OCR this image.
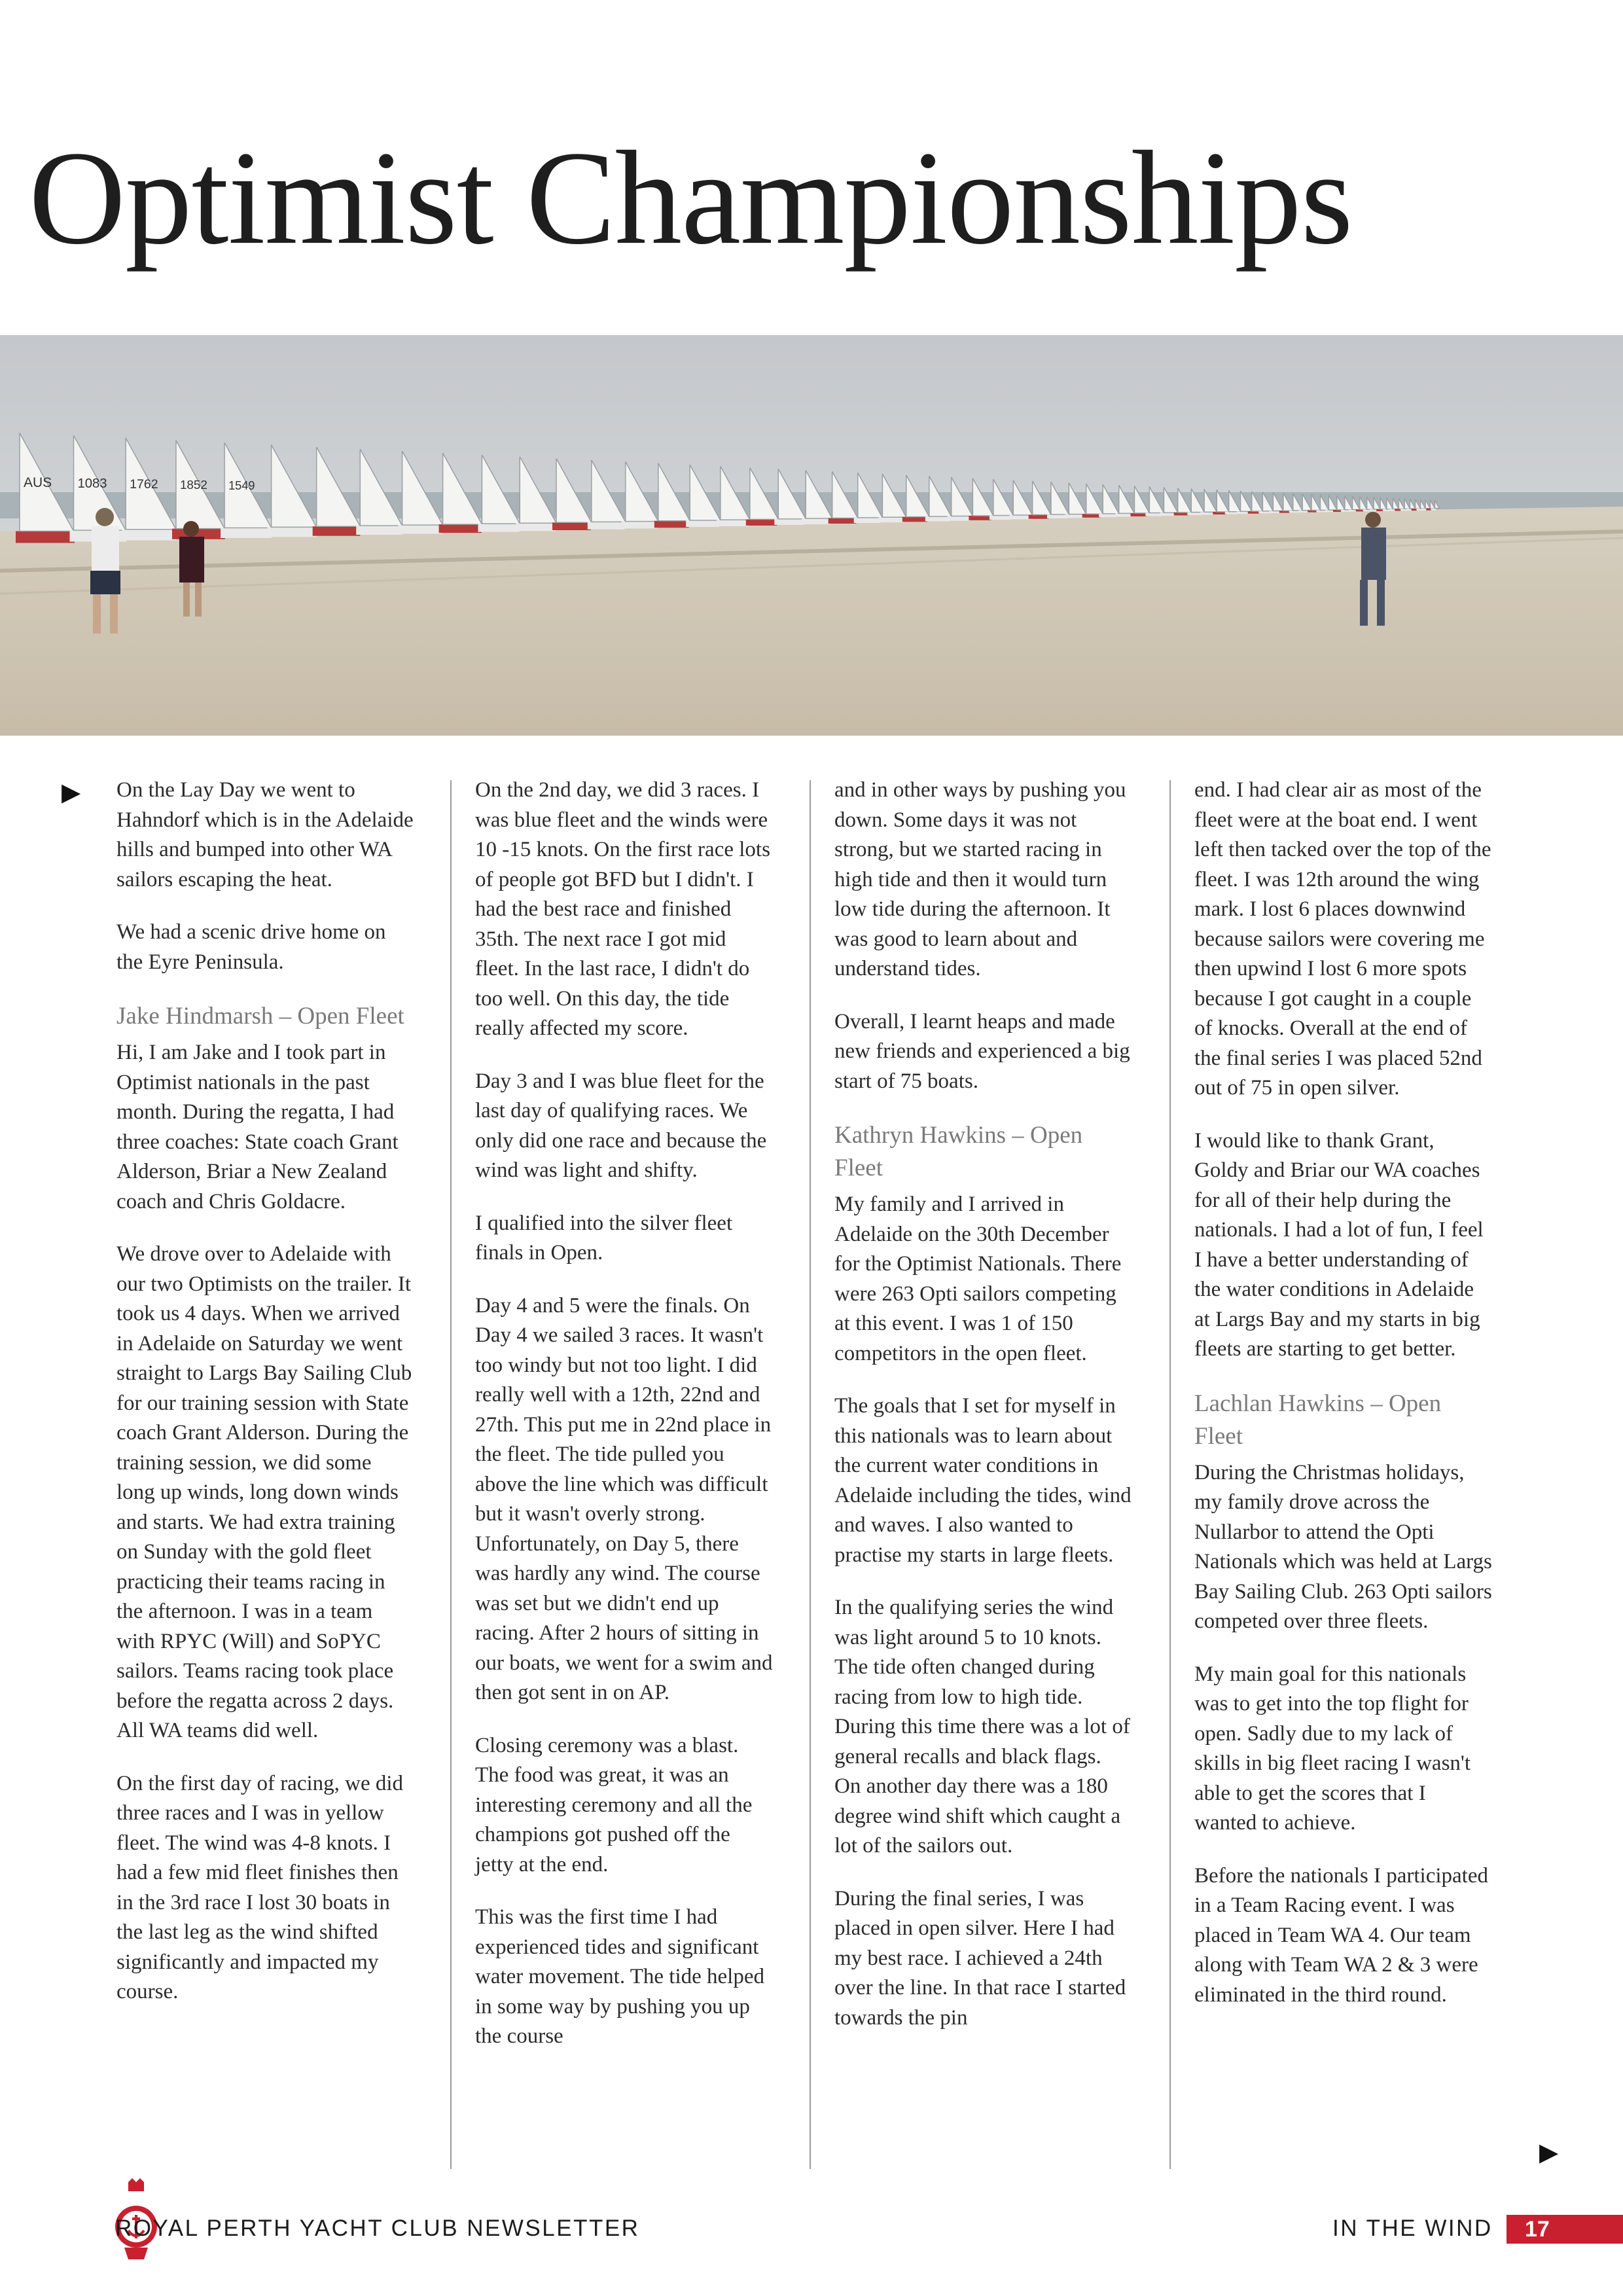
Optimist Championships
AUS 1083 1762 1852 1549
▶ On the Lay Day we went to Hahndorf which is in the Adelaide hills and bumped into other WA sailors escaping the heat.

We had a scenic drive home on the Eyre Peninsula.

Jake Hindmarsh – Open Fleet

Hi, I am Jake and I took part in Optimist nationals in the past month. During the regatta, I had three coaches: State coach Grant Alderson, Briar a New Zealand coach and Chris Goldacre.

We drove over to Adelaide with our two Optimists on the trailer. It took us 4 days. When we arrived in Adelaide on Saturday we went straight to Largs Bay Sailing Club for our training session with State coach Grant Alderson. During the training session, we did some long up winds, long down winds and starts. We had extra training on Sunday with the gold fleet practicing their teams racing in the afternoon. I was in a team with RPYC (Will) and SoPYC sailors. Teams racing took place before the regatta across 2 days. All WA teams did well.

On the first day of racing, we did three races and I was in yellow fleet. The wind was 4-8 knots. I had a few mid fleet finishes then in the 3rd race I lost 30 boats in the last leg as the wind shifted significantly and impacted my course.

On the 2nd day, we did 3 races. I was blue fleet and the winds were 10 -15 knots. On the first race lots of people got BFD but I didn't. I had the best race and finished 35th. The next race I got mid fleet. In the last race, I didn't do too well. On this day, the tide really affected my score.

Day 3 and I was blue fleet for the last day of qualifying races. We only did one race and because the wind was light and shifty.

I qualified into the silver fleet finals in Open.

Day 4 and 5 were the finals. On Day 4 we sailed 3 races. It wasn't too windy but not too light. I did really well with a 12th, 22nd and 27th. This put me in 22nd place in the fleet. The tide pulled you above the line which was difficult but it wasn't overly strong. Unfortunately, on Day 5, there was hardly any wind. The course was set but we didn't end up racing. After 2 hours of sitting in our boats, we went for a swim and then got sent in on AP.

Closing ceremony was a blast. The food was great, it was an interesting ceremony and all the champions got pushed off the jetty at the end.

This was the first time I had experienced tides and significant water movement. The tide helped in some way by pushing you up the course

and in other ways by pushing you down. Some days it was not strong, but we started racing in high tide and then it would turn low tide during the afternoon. It was good to learn about and understand tides.

Overall, I learnt heaps and made new friends and experienced a big start of 75 boats.

Kathryn Hawkins – Open Fleet

My family and I arrived in Adelaide on the 30th December for the Optimist Nationals. There were 263 Opti sailors competing at this event. I was 1 of 150 competitors in the open fleet.

The goals that I set for myself in this nationals was to learn about the current water conditions in Adelaide including the tides, wind and waves. I also wanted to practise my starts in large fleets.

In the qualifying series the wind was light around 5 to 10 knots. The tide often changed during racing from low to high tide. During this time there was a lot of general recalls and black flags. On another day there was a 180 degree wind shift which caught a lot of the sailors out.

During the final series, I was placed in open silver. Here I had my best race. I achieved a 24th over the line. In that race I started towards the pin

end. I had clear air as most of the fleet were at the boat end. I went left then tacked over the top of the fleet. I was 12th around the wing mark. I lost 6 places downwind because sailors were covering me then upwind I lost 6 more spots because I got caught in a couple of knocks. Overall at the end of the final series I was placed 52nd out of 75 in open silver.

I would like to thank Grant, Goldy and Briar our WA coaches for all of their help during the nationals. I had a lot of fun, I feel I have a better understanding of the water conditions in Adelaide at Largs Bay and my starts in big fleets are starting to get better.

Lachlan Hawkins – Open Fleet

During the Christmas holidays, my family drove across the Nullarbor to attend the Opti Nationals which was held at Largs Bay Sailing Club. 263 Opti sailors competed over three fleets.

My main goal for this nationals was to get into the top flight for open. Sadly due to my lack of skills in big fleet racing I wasn't able to get the scores that I wanted to achieve.

Before the nationals I participated in a Team Racing event. I was placed in Team WA 4. Our team along with Team WA 2 & 3 were eliminated in the third round.

▶
ROYAL PERTH YACHT CLUB NEWSLETTER	IN THE WIND	17
